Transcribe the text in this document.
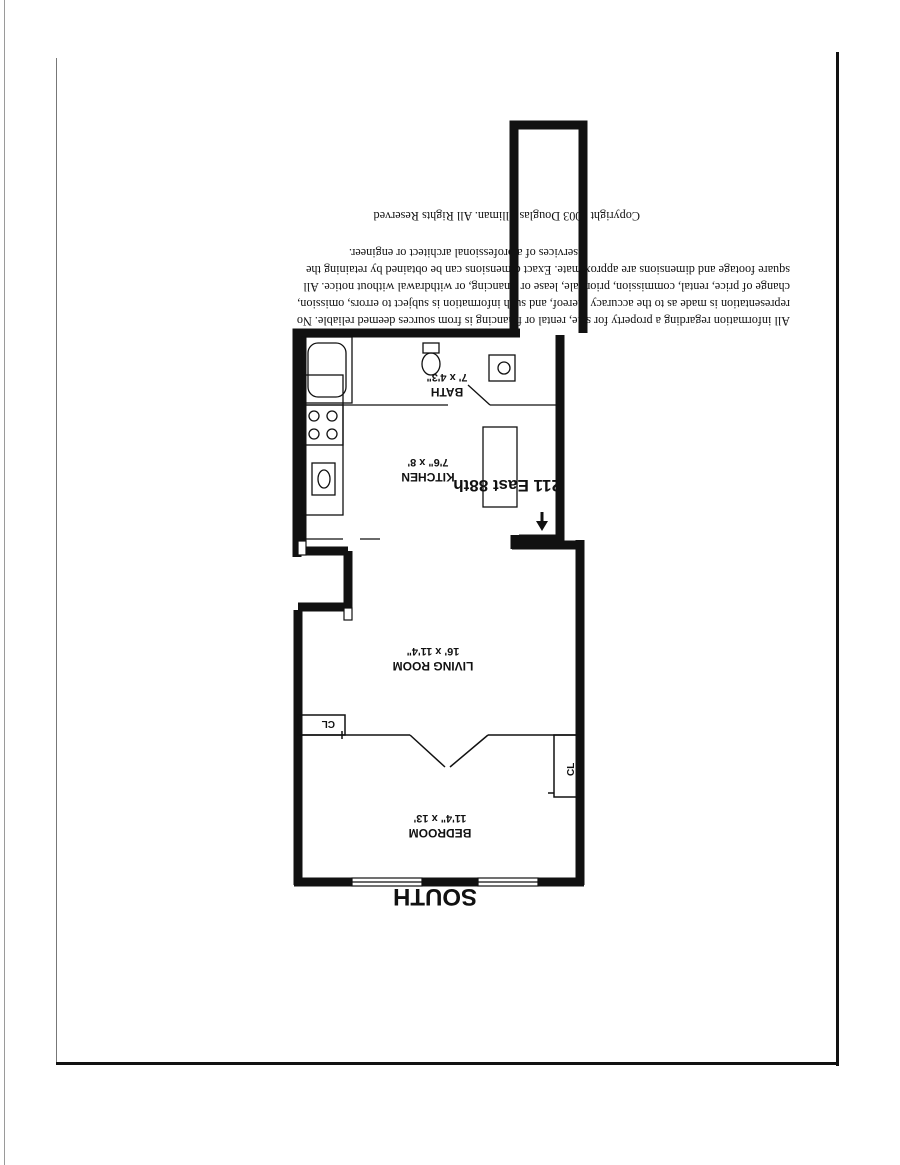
All information regarding a property for sale, rental or financing is from sources deemed reliable. No
representation is made as to the accuracy thereof, and such information is subject to errors, omission,
change of price, rental, commission, prior sale, lease or financing, or withdrawal without notice. All
square footage and dimensions are approximate. Exact dimensions can be obtained by retaining the
services of a professional architect or engineer.
Copyright 2003 Douglas Elliman. All Rights Reserved
BATH
7' x 4'3"
KITCHEN
7'6" x 8'
LIVING ROOM
16' x 11'4"
BEDROOM
11'4" x 13'
CL
CL
211 East 88th
SOUTH
